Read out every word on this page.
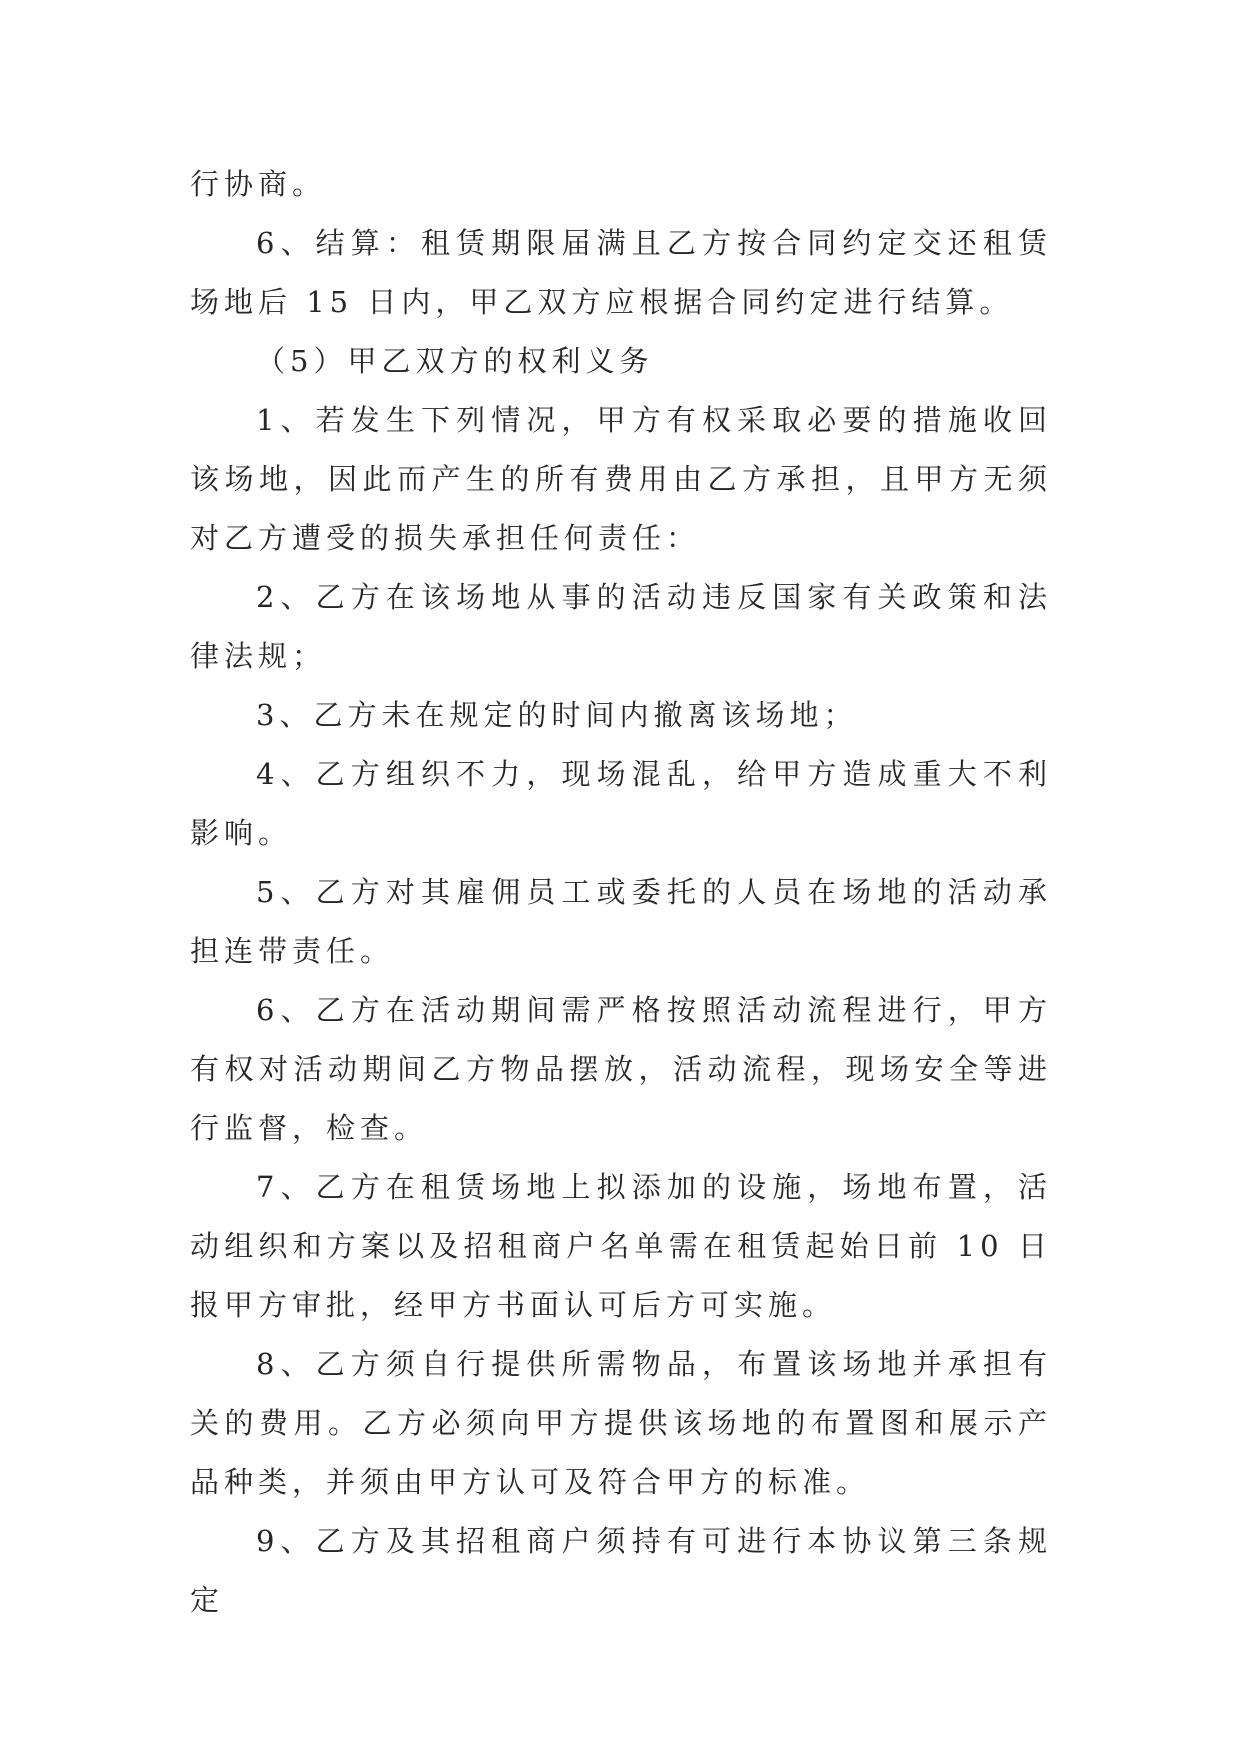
行协商。

6、结算：租赁期限届满且乙方按合同约定交还租赁场地后 15 日内，甲乙双方应根据合同约定进行结算。

（5）甲乙双方的权利义务

1、若发生下列情况，甲方有权采取必要的措施收回该场地，因此而产生的所有费用由乙方承担，且甲方无须对乙方遭受的损失承担任何责任：

2、乙方在该场地从事的活动违反国家有关政策和法律法规；

3、乙方未在规定的时间内撤离该场地；

4、乙方组织不力，现场混乱，给甲方造成重大不利影响。

5、乙方对其雇佣员工或委托的人员在场地的活动承担连带责任。

6、乙方在活动期间需严格按照活动流程进行，甲方有权对活动期间乙方物品摆放，活动流程，现场安全等进行监督，检查。

7、乙方在租赁场地上拟添加的设施，场地布置，活动组织和方案以及招租商户名单需在租赁起始日前 10 日报甲方审批，经甲方书面认可后方可实施。

8、乙方须自行提供所需物品，布置该场地并承担有关的费用。乙方必须向甲方提供该场地的布置图和展示产品种类，并须由甲方认可及符合甲方的标准。

9、乙方及其招租商户须持有可进行本协议第三条规定
